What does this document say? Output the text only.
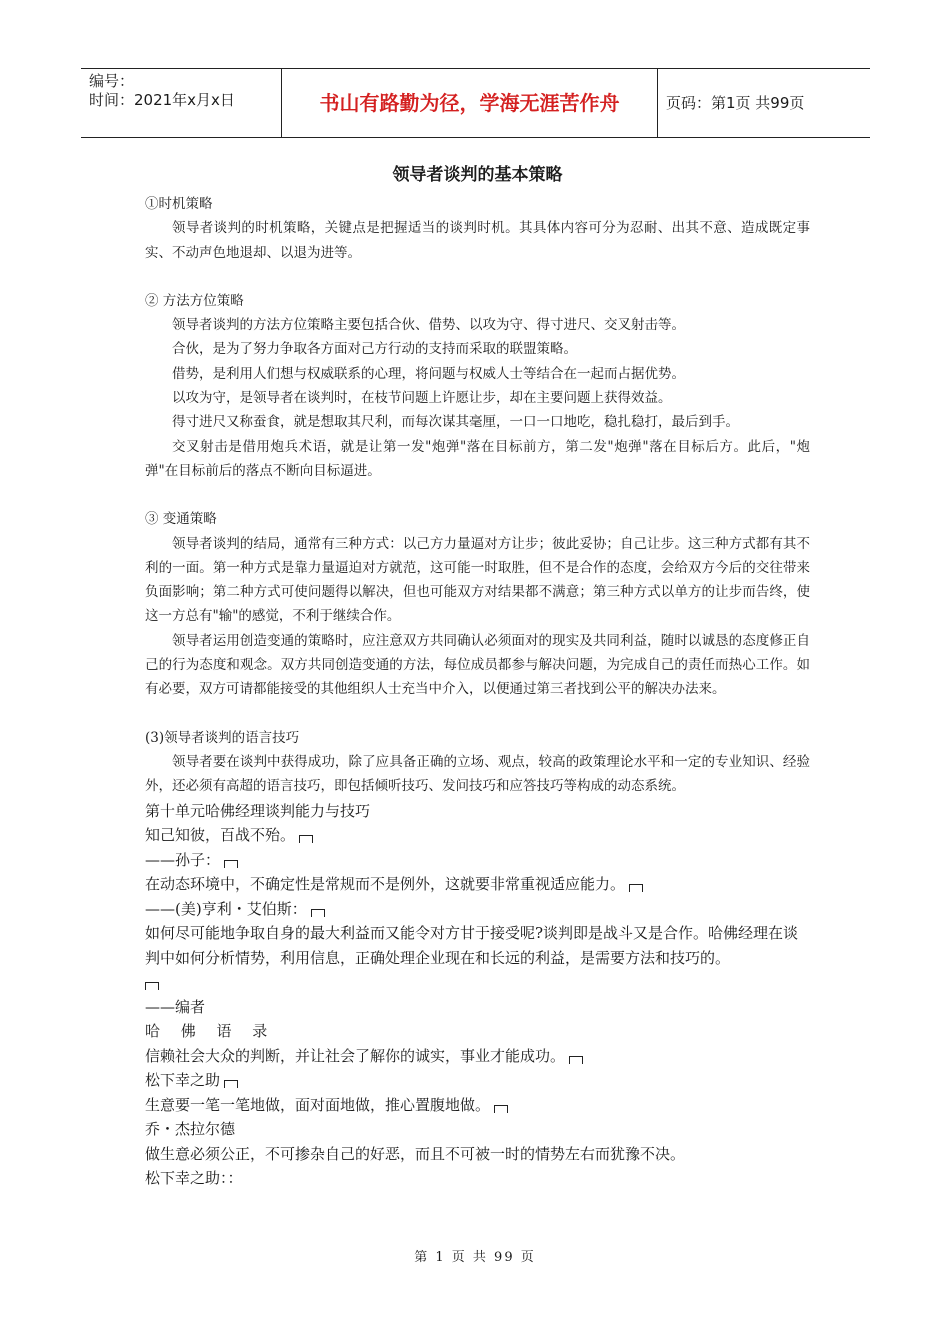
编号：
时间：2021年x月x日	书山有路勤为径，学海无涯苦作舟	页码：第1页 共99页
领导者谈判的基本策略

①时机策略

领导者谈判的时机策略，关键点是把握适当的谈判时机。其具体内容可分为忍耐、出其不意、造成既定事实、不动声色地退却、以退为进等。

② 方法方位策略

领导者谈判的方法方位策略主要包括合伙、借势、以攻为守、得寸进尺、交叉射击等。

合伙，是为了努力争取各方面对己方行动的支持而采取的联盟策略。

借势，是利用人们想与权威联系的心理，将问题与权威人士等结合在一起而占据优势。

以攻为守，是领导者在谈判时，在枝节问题上许愿让步，却在主要问题上获得效益。

得寸进尺又称蚕食，就是想取其尺利，而每次谋其毫厘，一口一口地吃，稳扎稳打，最后到手。

交叉射击是借用炮兵术语，就是让第一发"炮弹"落在目标前方，第二发"炮弹"落在目标后方。此后，"炮弹"在目标前后的落点不断向目标逼进。

③ 变通策略

领导者谈判的结局，通常有三种方式：以己方力量逼对方让步；彼此妥协；自己让步。这三种方式都有其不利的一面。第一种方式是靠力量逼迫对方就范，这可能一时取胜，但不是合作的态度，会给双方今后的交往带来负面影响；第二种方式可使问题得以解决，但也可能双方对结果都不满意；第三种方式以单方的让步而告终，使这一方总有"输"的感觉，不利于继续合作。

领导者运用创造变通的策略时，应注意双方共同确认必须面对的现实及共同利益，随时以诚恳的态度修正自己的行为态度和观念。双方共同创造变通的方法，每位成员都参与解决问题，为完成自己的责任而热心工作。如有必要，双方可请都能接受的其他组织人士充当中介入，以便通过第三者找到公平的解决办法来。

(3)领导者谈判的语言技巧

领导者要在谈判中获得成功，除了应具备正确的立场、观点，较高的政策理论水平和一定的专业知识、经验外，还必须有高超的语言技巧，即包括倾听技巧、发问技巧和应答技巧等构成的动态系统。

第十单元哈佛经理谈判能力与技巧

知己知彼，百战不殆。

——孙子：

在动态环境中，不确定性是常规而不是例外，这就要非常重视适应能力。

——(美)亨利・艾伯斯：

如何尽可能地争取自身的最大利益而又能令对方甘于接受呢?谈判即是战斗又是合作。哈佛经理在谈判中如何分析情势，利用信息，正确处理企业现在和长远的利益，是需要方法和技巧的。

——编者

哈 佛 语 录

信赖社会大众的判断，并让社会了解你的诚实，事业才能成功。

松下幸之助

生意要一笔一笔地做，面对面地做，推心置腹地做。

乔・杰拉尔德

做生意必须公正，不可掺杂自己的好恶，而且不可被一时的情势左右而犹豫不决。

松下幸之助：：

第 1 页 共 99 页
